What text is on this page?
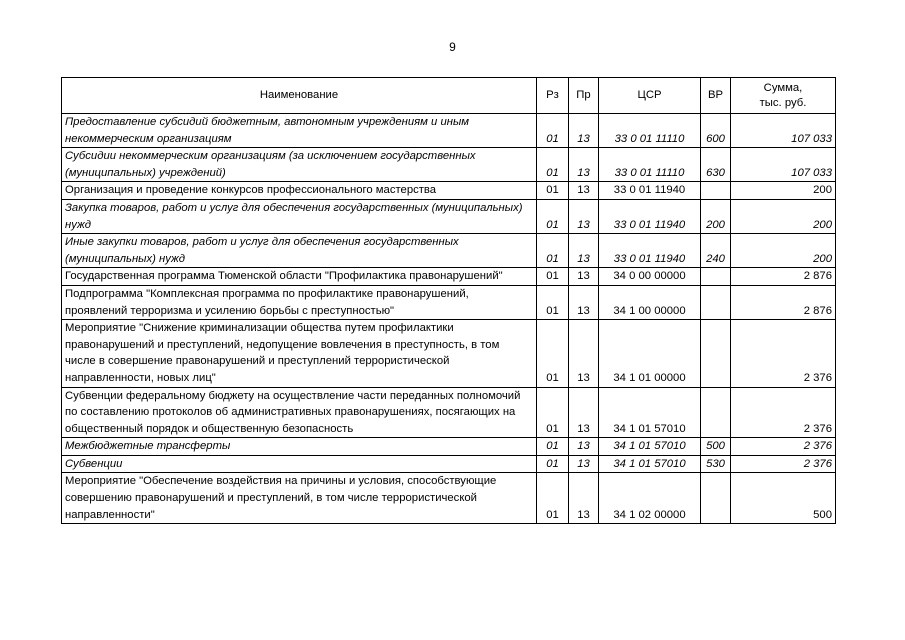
9
Наименование	Рз	Пр	ЦСР	ВР	Сумма,
тыс. руб.
Предоставление субсидий бюджетным, автономным учреждениям и иным некоммерческим организациям	01	13	33 0 01 11110	600	107 033
Субсидии некоммерческим организациям (за исключением государственных (муниципальных) учреждений)	01	13	33 0 01 11110	630	107 033
Организация и проведение конкурсов профессионального мастерства	01	13	33 0 01 11940		200
Закупка товаров, работ и услуг для обеспечения государственных (муниципальных) нужд	01	13	33 0 01 11940	200	200
Иные закупки товаров, работ и услуг для обеспечения государственных (муниципальных) нужд	01	13	33 0 01 11940	240	200
Государственная программа Тюменской области "Профилактика правонарушений"	01	13	34 0 00 00000		2 876
Подпрограмма "Комплексная программа по профилактике правонарушений, проявлений терроризма и усилению борьбы с преступностью"	01	13	34 1 00 00000		2 876
Мероприятие "Снижение криминализации общества путем профилактики правонарушений и преступлений, недопущение вовлечения в преступность, в том числе в совершение правонарушений и преступлений террористической направленности, новых лиц"	01	13	34 1 01 00000		2 376
Субвенции федеральному бюджету на осуществление части переданных полномочий по составлению протоколов об административных правонарушениях, посягающих на общественный порядок и общественную безопасность	01	13	34 1 01 57010		2 376
Межбюджетные трансферты	01	13	34 1 01 57010	500	2 376
Субвенции	01	13	34 1 01 57010	530	2 376
Мероприятие "Обеспечение воздействия на причины и условия, способствующие совершению правонарушений и преступлений, в том числе террористической направленности"	01	13	34 1 02 00000		500
